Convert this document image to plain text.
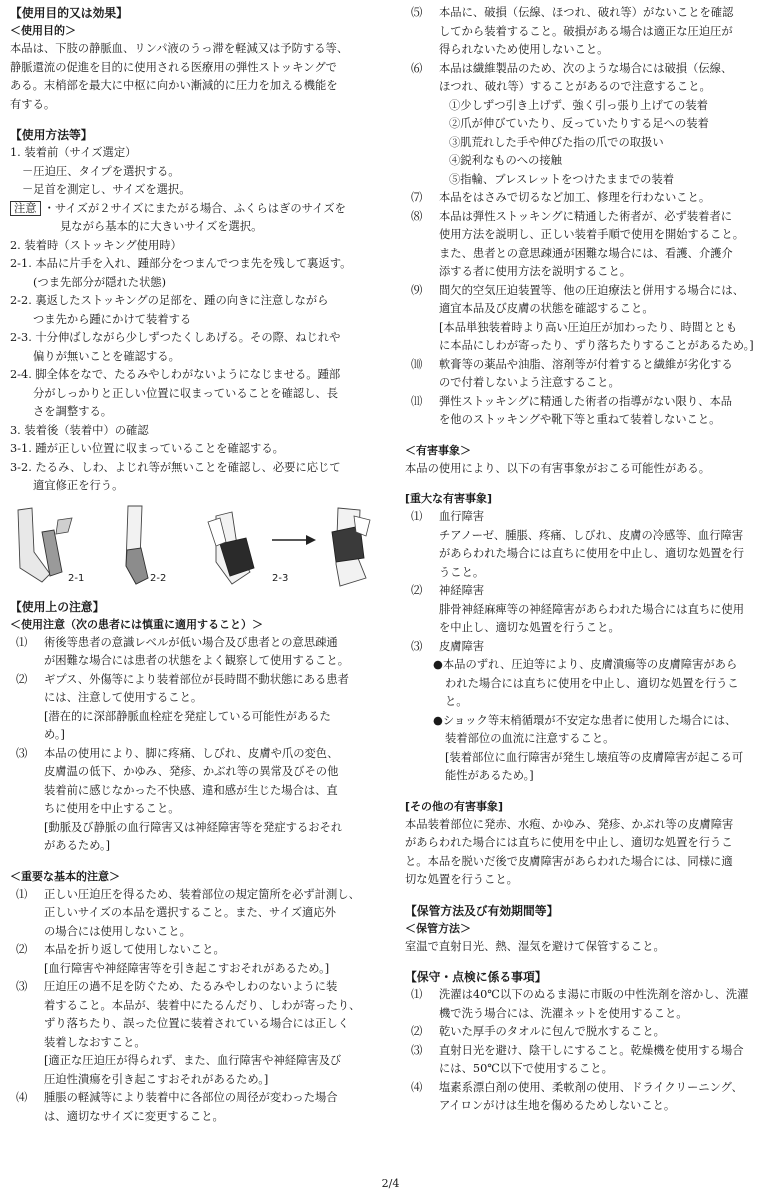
【使用目的又は効果】
＜使用目的＞

本品は、下肢の静脈血、リンパ液のうっ滞を軽減又は予防する等、

静脈還流の促進を目的に使用される医療用の弾性ストッキングで

ある。末梢部を最大に中枢に向かい漸減的に圧力を加える機能を

有する。

【使用方法等】

1. 装着前（サイズ選定）

－圧迫圧、タイプを選択する。

－足首を測定し、サイズを選択。

注意 ・サイズが２サイズにまたがる場合、ふくらはぎのサイズを

見ながら基本的に大きいサイズを選択。

2. 装着時（ストッキング使用時）

2-1. 本品に片手を入れ、踵部分をつまんでつま先を残して裏返す。

(つま先部分が隠れた状態)

2-2. 裏返したストッキングの足部を、踵の向きに注意しながら

つま先から踵にかけて装着する

2-3. 十分伸ばしながら少しずつたくしあげる。その際、ねじれや

偏りが無いことを確認する。

2-4. 脚全体をなで、たるみやしわがないようになじませる。踵部

分がしっかりと正しい位置に収まっていることを確認し、長

さを調整する。

3. 装着後（装着中）の確認

3-1. 踵が正しい位置に収まっていることを確認する。

3-2. たるみ、しわ、よじれ等が無いことを確認し、必要に応じて

適宜修正を行う。

2-1	2-2	2-3
【使用上の注意】
＜使用注意（次の患者には慎重に適用すること）＞
⑴	術後等患者の意識レベルが低い場合及び患者との意思疎通
が困難な場合には患者の状態をよく観察して使用すること。
⑵	ギプス、外傷等により装着部位が長時間不動状態にある患者
には、注意して使用すること。
[潜在的に深部静脈血栓症を発症している可能性があるた
め。]
⑶	本品の使用により、脚に疼痛、しびれ、皮膚や爪の変色、
皮膚温の低下、かゆみ、発疹、かぶれ等の異常及びその他
装着前に感じなかった不快感、違和感が生じた場合は、直
ちに使用を中止すること。
[動脈及び静脈の血行障害又は神経障害等を発症するおそれ
があるため。]
＜重要な基本的注意＞
⑴	正しい圧迫圧を得るため、装着部位の規定箇所を必ず計測し、
正しいサイズの本品を選択すること。また、サイズ適応外
の場合には使用しないこと。
⑵	本品を折り返して使用しないこと。
[血行障害や神経障害等を引き起こすおそれがあるため。]
⑶	圧迫圧の過不足を防ぐため、たるみやしわのないように装
着すること。本品が、装着中にたるんだり、しわが寄ったり、
ずり落ちたり、誤った位置に装着されている場合には正しく
装着しなおすこと。
[適正な圧迫圧が得られず、また、血行障害や神経障害及び
圧迫性潰瘍を引き起こすおそれがあるため。]
⑷	腫脹の軽減等により装着中に各部位の周径が変わった場合
は、適切なサイズに変更すること。
⑸	本品に、破損（伝線、ほつれ、破れ等）がないことを確認
してから装着すること。破損がある場合は適正な圧迫圧が
得られないため使用しないこと。
⑹	本品は繊維製品のため、次のような場合には破損（伝線、
ほつれ、破れ等）することがあるので注意すること。

①少しずつ引き上げず、強く引っ張り上げての装着

②爪が伸びていたり、反っていたりする足への装着

③肌荒れした手や伸びた指の爪での取扱い

④鋭利なものへの接触

⑤指輪、ブレスレットをつけたままでの装着

⑺	本品をはさみで切るなど加工、修理を行わないこと。
⑻	本品は弾性ストッキングに精通した術者が、必ず装着者に
使用方法を説明し、正しい装着手順で使用を開始すること。
また、患者との意思疎通が困難な場合には、看護、介護介
添する者に使用方法を説明すること。
⑼	間欠的空気圧迫装置等、他の圧迫療法と併用する場合には、
適宜本品及び皮膚の状態を確認すること。
[本品単独装着時より高い圧迫圧が加わったり、時間ととも
に本品にしわが寄ったり、ずり落ちたりすることがあるため。]
⑽	軟膏等の薬品や油脂、溶剤等が付着すると繊維が劣化する
ので付着しないよう注意すること。
⑾	弾性ストッキングに精通した術者の指導がない限り、本品
を他のストッキングや靴下等と重ねて装着しないこと。
＜有害事象＞

本品の使用により、以下の有害事象がおこる可能性がある。

[重大な有害事象]
⑴	血行障害

チアノーゼ、腫脹、疼痛、しびれ、皮膚の冷感等、血行障害

があらわれた場合には直ちに使用を中止し、適切な処置を行

うこと。

⑵	神経障害

腓骨神経麻痺等の神経障害があらわれた場合には直ちに使用

を中止し、適切な処置を行うこと。

⑶	皮膚障害

●本品のずれ、圧迫等により、皮膚潰瘍等の皮膚障害があら

われた場合には直ちに使用を中止し、適切な処置を行うこ

と。

●ショック等末梢循環が不安定な患者に使用した場合には、

装着部位の血流に注意すること。

[装着部位に血行障害が発生し壊疽等の皮膚障害が起こる可

能性があるため。]

[その他の有害事象]

本品装着部位に発赤、水疱、かゆみ、発疹、かぶれ等の皮膚障害

があらわれた場合には直ちに使用を中止し、適切な処置を行うこ

と。本品を脱いだ後で皮膚障害があらわれた場合には、同様に適

切な処置を行うこと。

【保管方法及び有効期間等】
＜保管方法＞

室温で直射日光、熱、湿気を避けて保管すること。

【保守・点検に係る事項】
⑴	洗濯は40℃以下のぬるま湯に市販の中性洗剤を溶かし、洗濯
機で洗う場合には、洗濯ネットを使用すること。
⑵	乾いた厚手のタオルに包んで脱水すること。
⑶	直射日光を避け、陰干しにすること。乾燥機を使用する場合
には、50℃以下で使用すること。
⑷	塩素系漂白剤の使用、柔軟剤の使用、ドライクリーニング、
アイロンがけは生地を傷めるためしないこと。
2/4
